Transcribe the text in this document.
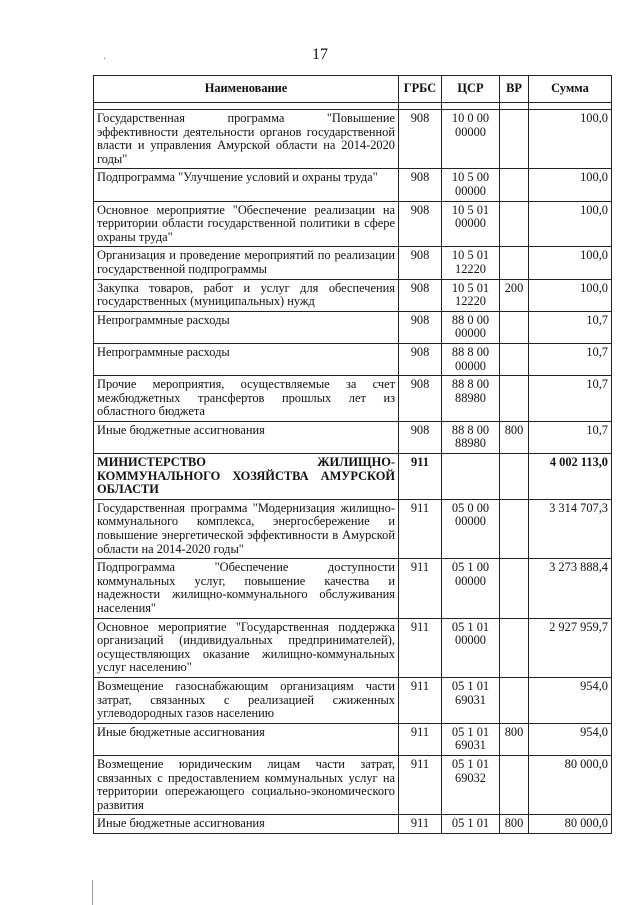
17
'
Наименование	ГРБС	ЦСР	ВР	Сумма

Государственная программа "Повышение эффективности деятельности органов государственной власти и управления Амурской области на 2014-2020 годы"	908	10 0 00 00000		100,0
Подпрограмма "Улучшение условий и охраны труда"	908	10 5 00 00000		100,0
Основное мероприятие "Обеспечение реализации на территории области государственной политики в сфере охраны труда"	908	10 5 01 00000		100,0
Организация и проведение мероприятий по реализации государственной подпрограммы	908	10 5 01 12220		100,0
Закупка товаров, работ и услуг для обеспечения государственных (муниципальных) нужд	908	10 5 01 12220	200	100,0
Непрограммные расходы	908	88 0 00 00000		10,7
Непрограммные расходы	908	88 8 00 00000		10,7
Прочие мероприятия, осуществляемые за счет межбюджетных трансфертов прошлых лет из областного бюджета	908	88 8 00 88980		10,7
Иные бюджетные ассигнования	908	88 8 00 88980	800	10,7
МИНИСТЕРСТВО ЖИЛИЩНО-КОММУНАЛЬНОГО ХОЗЯЙСТВА АМУРСКОЙ ОБЛАСТИ	911			4 002 113,0
Государственная программа "Модернизация жилищно-коммунального комплекса, энергосбережение и повышение энергетической эффективности в Амурской области на 2014-2020 годы"	911	05 0 00 00000		3 314 707,3
Подпрограмма "Обеспечение доступности коммунальных услуг, повышение качества и надежности жилищно-коммунального обслуживания населения"	911	05 1 00 00000		3 273 888,4
Основное мероприятие "Государственная поддержка организаций (индивидуальных предпринимателей), осуществляющих оказание жилищно-коммунальных услуг населению"	911	05 1 01 00000		2 927 959,7
Возмещение газоснабжающим организациям части затрат, связанных с реализацией сжиженных углеводородных газов населению	911	05 1 01 69031		954,0
Иные бюджетные ассигнования	911	05 1 01 69031	800	954,0
Возмещение юридическим лицам части затрат, связанных с предоставлением коммунальных услуг на территории опережающего социально-экономического развития	911	05 1 01 69032		80 000,0
Иные бюджетные ассигнования	911	05 1 01	800	80 000,0
